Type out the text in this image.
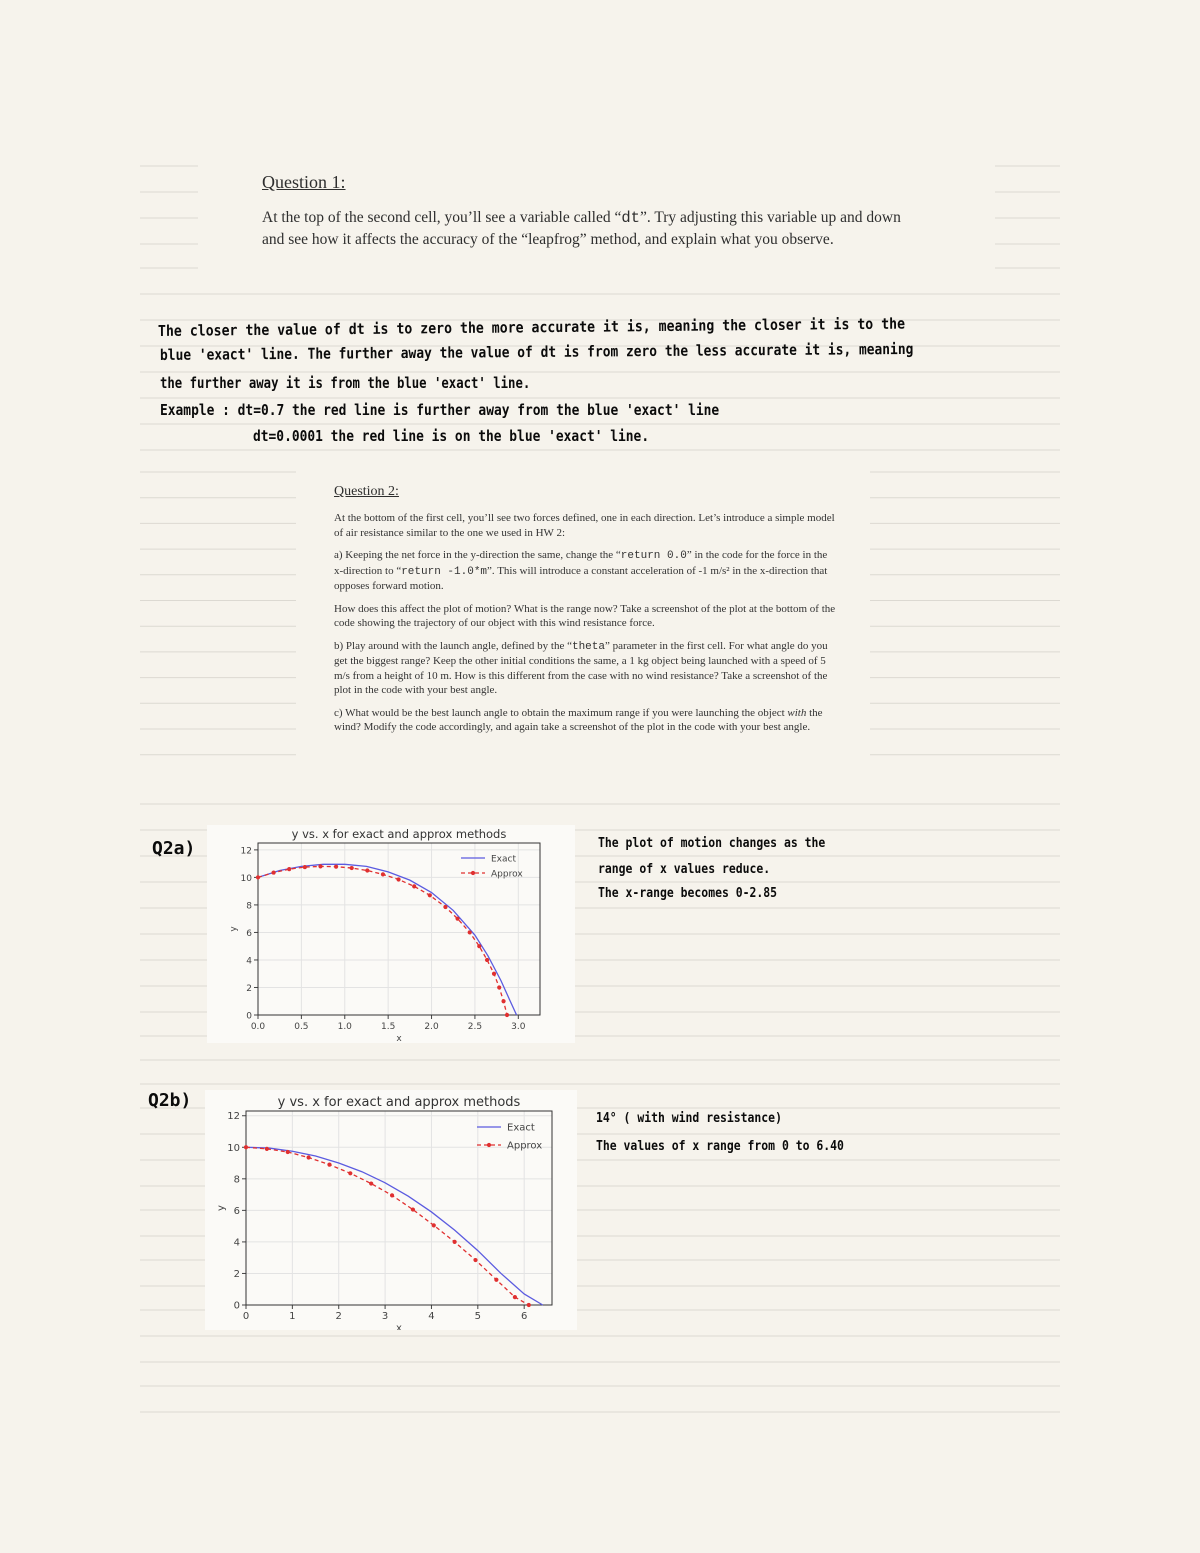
Question 1:
At the top of the second cell, you’ll see a variable called “dt”. Try adjusting this variable up and down and see how it affects the accuracy of the “leapfrog” method, and explain what you observe.
The closer the value of dt is to zero the more accurate it is, meaning the closer it is to the
blue 'exact' line. The further away the value of dt is from zero the less accurate it is, meaning
the further away it is from the blue 'exact' line.
Example : dt=0.7 the red line is further away from the blue 'exact' line
dt=0.0001 the red line is on the blue 'exact' line.
Question 2:

At the bottom of the first cell, you’ll see two forces defined, one in each direction. Let’s introduce a simple model of air resistance similar to the one we used in HW 2:

a) Keeping the net force in the y-direction the same, change the “return 0.0” in the code for the force in the x-direction to “return -1.0*m”. This will introduce a constant acceleration of -1 m/s² in the x-direction that opposes forward motion.

How does this affect the plot of motion? What is the range now? Take a screenshot of the plot at the bottom of the code showing the trajectory of our object with this wind resistance force.

b) Play around with the launch angle, defined by the “theta” parameter in the first cell. For what angle do you get the biggest range? Keep the other initial conditions the same, a 1 kg object being launched with a speed of 5 m/s from a height of 10 m. How is this different from the case with no wind resistance? Take a screenshot of the plot in the code with your best angle.

c) What would be the best launch angle to obtain the maximum range if you were launching the object with the wind? Modify the code accordingly, and again take a screenshot of the plot in the code with your best angle.

Q2a)
0.0	0.5	1.0	1.5	2.0	2.5	3.0
0
2
4
6
8
10
12
y vs. x for exact and approx methods
x
y
Exact
Approx
The plot of motion changes as the
range of x values reduce.
The x-range becomes 0-2.85
Q2b)
0	1	2	3	4	5	6
0
2
4
6
8
10
12
y vs. x for exact and approx methods
x
y
Exact
Approx
14° ( with wind resistance)
The values of x range from 0 to 6.40
